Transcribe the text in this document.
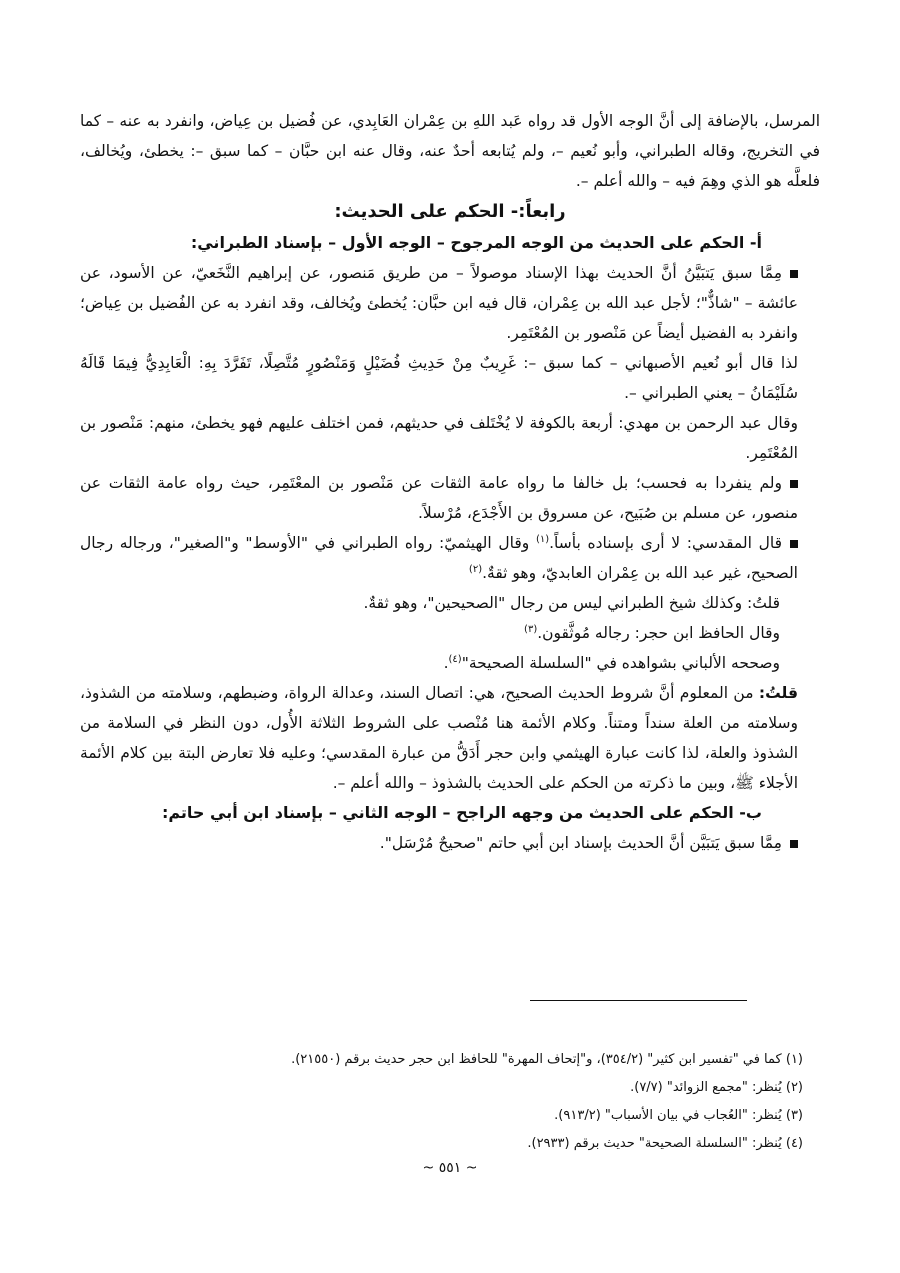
المرسل، بالإضافة إلى أنَّ الوجه الأول قد رواه عَبد اللهِ بن عِمْران العَابِدي، عن فُضيل بن عِياض، وانفرد به عنه – كما في التخريج، وقاله الطبراني، وأبو نُعيم –، ولم يُتابعه أحدٌ عنه، وقال عنه ابن حبَّان – كما سبق –: يخطئ، ويُخالف، فلعلَّه هو الذي وهِمَ فيه – والله أعلم –.

رابعاً:- الحكم على الحديث:

أ- الحكم على الحديث من الوجه المرجوح – الوجه الأول – بإسناد الطبراني:

مِمَّا سبق يَتبَيَّنُ أنَّ الحديث بهذا الإسناد موصولاً – من طريق مَنصور، عن إبراهيم النَّخَعيّ، عن الأسود، عن عائشة – "شاذٌّ"؛ لأجل عبد الله بن عِمْران، قال فيه ابن حبَّان: يُخطئ ويُخالف، وقد انفرد به عن الفُضيل بن عِياض؛ وانفرد به الفضيل أيضاً عن مَنْصور بن المُعْتَمِر.

لذا قال أبو نُعيم الأصبهاني – كما سبق –: غَرِيبٌ مِنْ حَدِيثِ فُضَيْلٍ وَمَنْصُورٍ مُتَّصِلًا، تَفَرَّدَ بِهِ: الْعَابِدِيُّ فِيمَا قَالَهُ سُلَيْمَانُ – يعني الطبراني –.

وقال عبد الرحمن بن مهدي: أربعة بالكوفة لا يُخْتَلف في حديثهم، فمن اختلف عليهم فهو يخطئ، منهم: مَنْصور بن المُعْتَمِر.

ولم ينفردا به فحسب؛ بل خالفا ما رواه عامة الثقات عن مَنْصور بن المعْتَمِر، حيث رواه عامة الثقات عن منصور، عن مسلم بن صُبَيح، عن مسروق بن الأَجْدَع، مُرْسلاً.

قال المقدسي: لا أرى بإسناده بأساً.$^{(١)}$ وقال الهيثميّ: رواه الطبراني في "الأوسط" و"الصغير"، ورجاله رجال الصحيح، غير عبد الله بن عِمْران العابديّ، وهو ثقةٌ.$^{(٢)}$

قلتُ: وكذلك شيخ الطبراني ليس من رجال "الصحيحين"، وهو ثقةٌ.

وقال الحافظ ابن حجر: رجاله مُوثَّقون.$^{(٣)}$

وصححه الألباني بشواهده في "السلسلة الصحيحة"$^{(٤)}$.

قلتُ: من المعلوم أنَّ شروط الحديث الصحيح، هي: اتصال السند، وعدالة الرواة، وضبطهم، وسلامته من الشذوذ، وسلامته من العلة سنداً ومتناً. وكلام الأئمة هنا مُنْصب على الشروط الثلاثة الأُول، دون النظر في السلامة من الشذوذ والعلة، لذا كانت عبارة الهيثمي وابن حجر أَدَقُّ من عبارة المقدسي؛ وعليه فلا تعارض البتة بين كلام الأئمة الأجلاء ﷺ، وبين ما ذكرته من الحكم على الحديث بالشذوذ – والله أعلم –.

ب- الحكم على الحديث من وجهه الراجح – الوجه الثاني – بإسناد ابن أبي حاتم:

مِمَّا سبق يَتبَيَّن أنَّ الحديث بإسناد ابن أبي حاتم "صحيحٌ مُرْسَل".

(١) كما في "تفسير ابن كثير" (٣٥٤/٢)، و"إتحاف المهرة" للحافظ ابن حجر حديث برقم (٢١٥٥٠).

(٢) يُنظر: "مجمع الزوائد" (٧/٧).

(٣) يُنظر: "العُجاب في بيان الأسباب" (٩١٣/٢).

(٤) يُنظر: "السلسلة الصحيحة" حديث برقم (٢٩٣٣).

~ ٥٥١ ~
